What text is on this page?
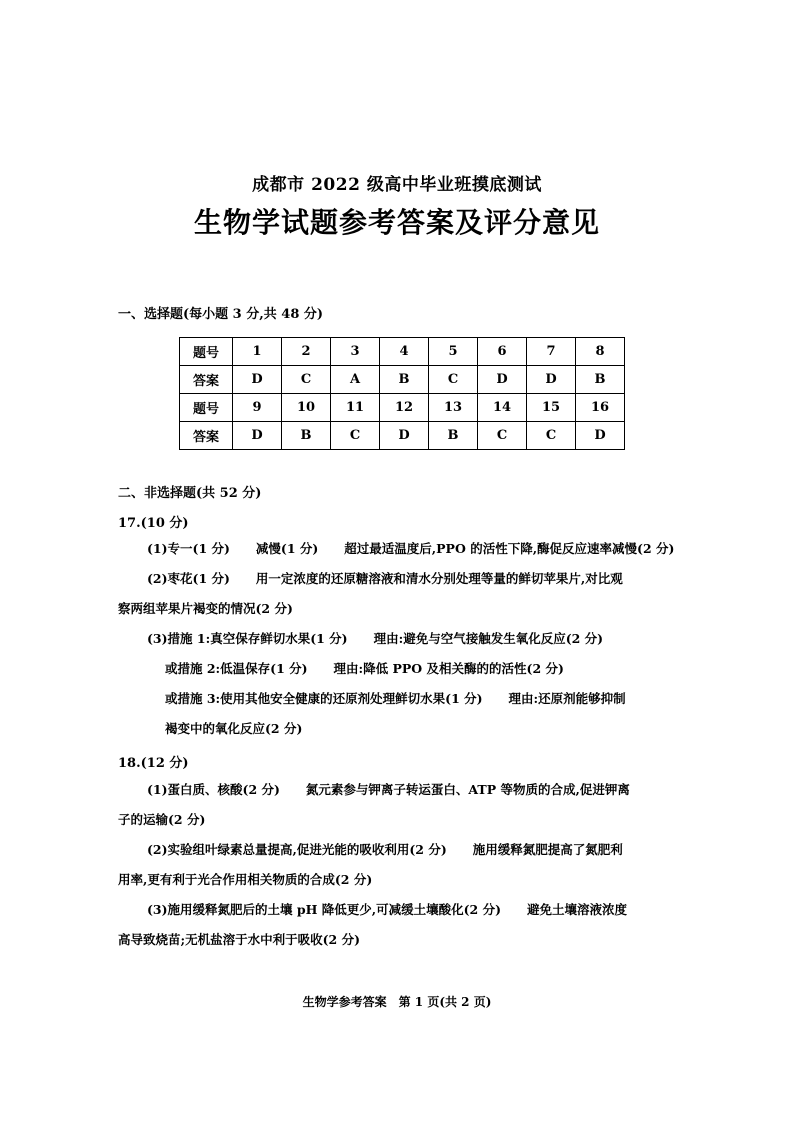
成都市 2022 级高中毕业班摸底测试
生物学试题参考答案及评分意见
一、选择题(每小题 3 分,共 48 分)
题号	1	2	3	4	5	6	7	8
答案	D	C	A	B	C	D	D	B
题号	9	10	11	12	13	14	15	16
答案	D	B	C	D	B	C	C	D
二、非选择题(共 52 分)
17.(10 分)
(1)专一(1 分) 减慢(1 分) 超过最适温度后,PPO 的活性下降,酶促反应速率减慢(2 分)
(2)枣花(1 分) 用一定浓度的还原糖溶液和清水分别处理等量的鲜切苹果片,对比观
察两组苹果片褐变的情况(2 分)
(3)措施 1:真空保存鲜切水果(1 分) 理由:避免与空气接触发生氧化反应(2 分)
或措施 2:低温保存(1 分) 理由:降低 PPO 及相关酶的的活性(2 分)
或措施 3:使用其他安全健康的还原剂处理鲜切水果(1 分) 理由:还原剂能够抑制
褐变中的氧化反应(2 分)
18.(12 分)
(1)蛋白质、核酸(2 分) 氮元素参与钾离子转运蛋白、ATP 等物质的合成,促进钾离
子的运输(2 分)
(2)实验组叶绿素总量提高,促进光能的吸收利用(2 分) 施用缓释氮肥提高了氮肥利
用率,更有利于光合作用相关物质的合成(2 分)
(3)施用缓释氮肥后的土壤 pH 降低更少,可减缓土壤酸化(2 分) 避免土壤溶液浓度
高导致烧苗;无机盐溶于水中利于吸收(2 分)
生物学参考答案　第 1 页(共 2 页)
